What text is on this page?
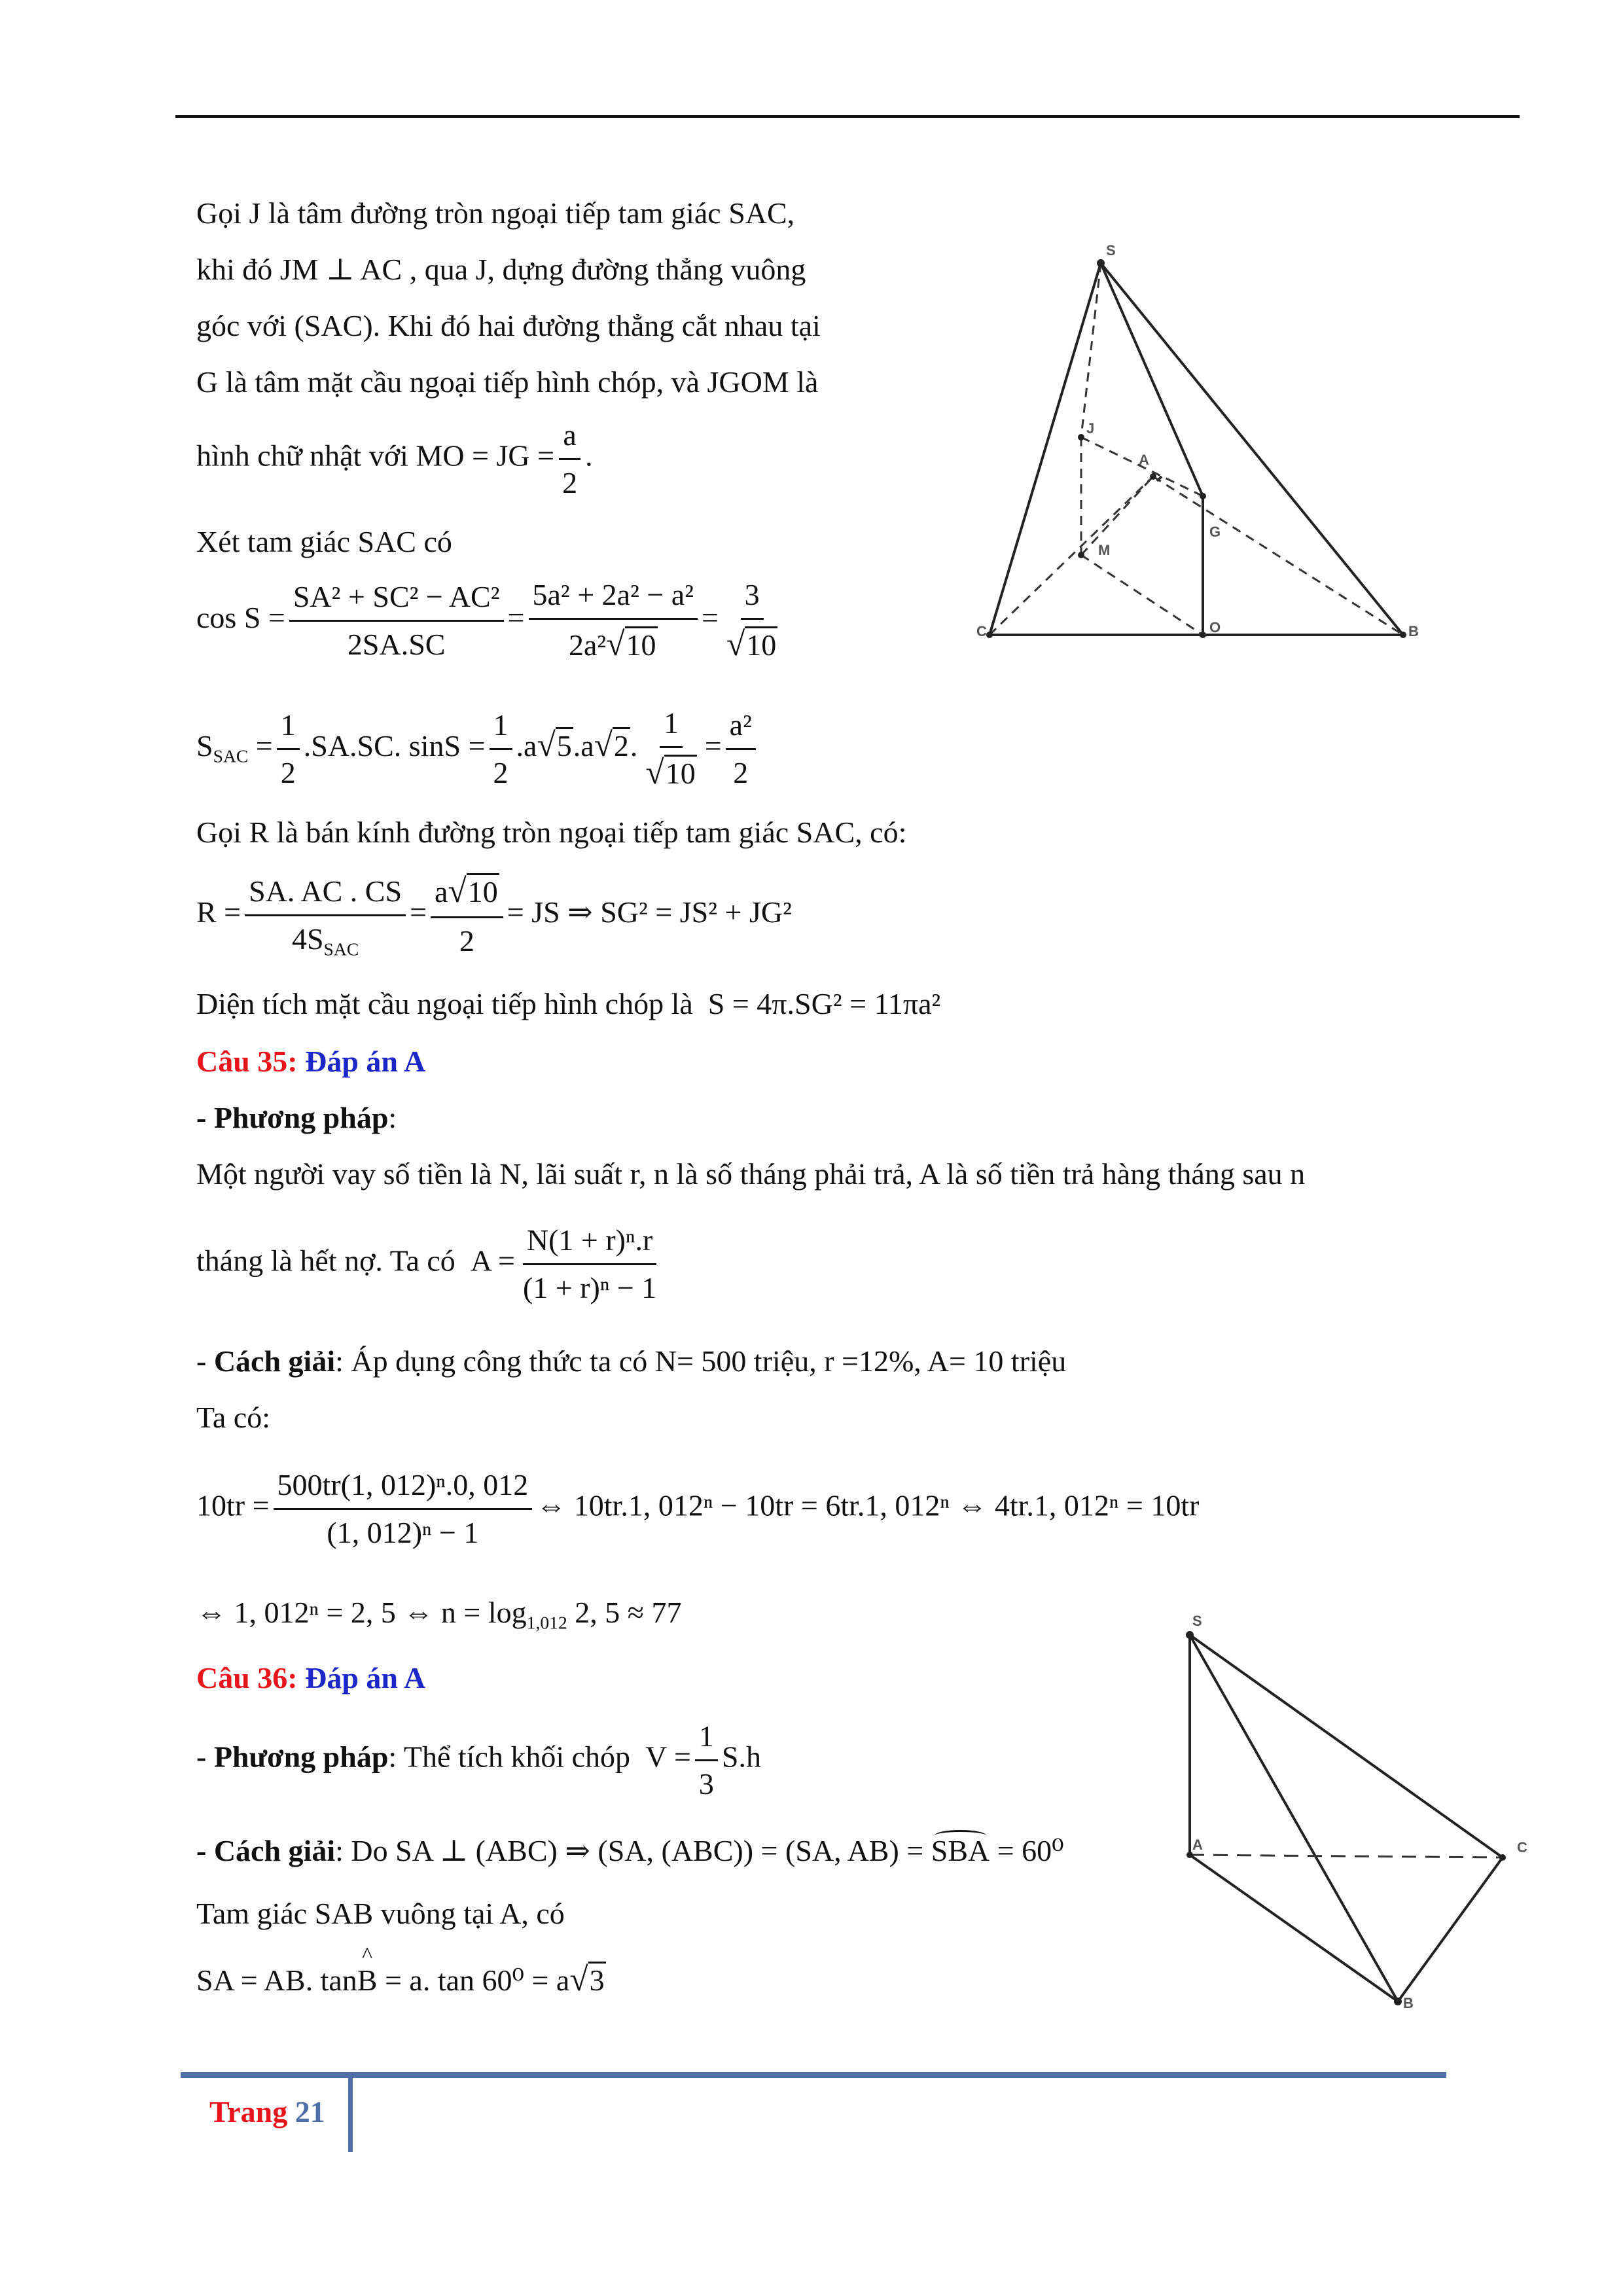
Gọi J là tâm đường tròn ngoại tiếp tam giác SAC,
khi đó JM ⊥ AC , qua J, dựng đường thẳng vuông
góc với (SAC). Khi đó hai đường thẳng cắt nhau tại
G là tâm mặt cầu ngoại tiếp hình chóp, và JGOM là
hình chữ nhật với MO = JG = $\frac{a}{2}$ .
Xét tam giác SAC có
$\cos S = \frac{\text{SA² + SC² − AC²}}{2SA.SC} = \frac{\text{5a² + 2a² − a²}}{\text{2a²√10}} = \frac{3}{√10}$
$S_{SAC} = \frac{1}{2} .SA.SC$. $\sin S = \frac{1}{2} .a√5.a√2$. $\frac{1}{√10} = \frac{\text{a²}}{2}$
Gọi R là bán kính đường tròn ngoại tiếp tam giác SAC, có:
$R = \frac{SA. AC . CS}{4S_{SAC}} = \frac{a√10}{2}$ = JS ⇒ SG² = JS² + JG²
Diện tích mặt cầu ngoại tiếp hình chóp là S = 4π.SG² = 11πa²
Câu 35: Đáp án A
- Phương pháp:
Một người vay số tiền là N, lãi suất r, n là số tháng phải trả, A là số tiền trả hàng tháng sau n
tháng là hết nợ. Ta có $A = \frac{\text{N(1 + r)ⁿ.r}}{\text{(1 + r)ⁿ − 1}}$
- Cách giải: Áp dụng công thức ta có N= 500 triệu, r =12%, A= 10 triệu
Ta có:
$10tr = \frac{\text{500tr(1, 012)ⁿ.0, 012}}{\text{(1, 012)ⁿ − 1}}$ ⇔ 10tr.1, 012ⁿ − 10tr = 6tr.1, 012ⁿ ⇔ 4tr.1, 012ⁿ = 10tr
⇔ 1, 012ⁿ = 2, 5 ⇔ $n = \log_{1,012} 2$, 5 ≈ 77
Câu 36: Đáp án A
- Phương pháp: Thể tích khối chóp $V = \frac{1}{3} S.h$
- Cách giải: Do SA ⊥ (ABC) ⇒ (SA, (ABC)) = (SA, AB) = SBA = 60⁰
Tam giác SAB vuông tại A, có
SA = AB. tan^ B = a. tan 60⁰ = a√3
S
J
A
G
M
C	O	B
S
A	C
B
Trang 21
